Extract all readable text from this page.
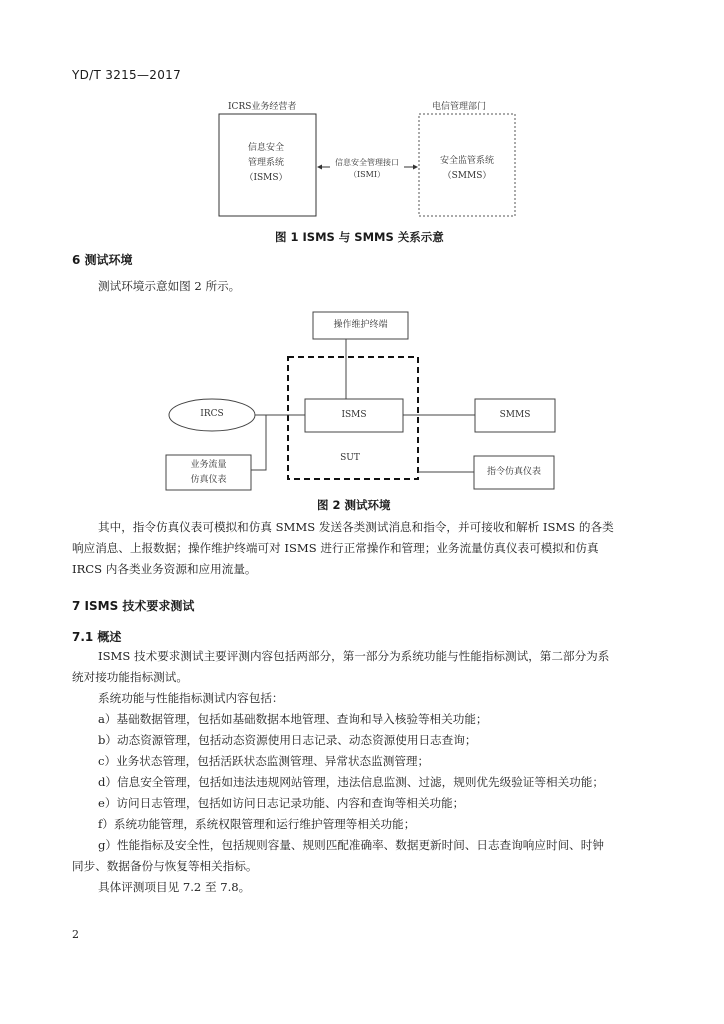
YD/T 3215—2017
ICRS业务经营者	电信管理部门
信息安全
管理系统
（ISMS）
信息安全管理接口
（ISMI）
安全监管系统
（SMMS）
图 1 ISMS 与 SMMS 关系示意
6 测试环境
测试环境示意如图 2 所示。
操作维护终端
IRCS	ISMS	SMMS
SUT
业务流量
仿真仪表
指令仿真仪表
图 2 测试环境
其中，指令仿真仪表可模拟和仿真 SMMS 发送各类测试消息和指令，并可接收和解析 ISMS 的各类
响应消息、上报数据；操作维护终端可对 ISMS 进行正常操作和管理；业务流量仿真仪表可模拟和仿真
IRCS 内各类业务资源和应用流量。
7 ISMS 技术要求测试
7.1 概述
ISMS 技术要求测试主要评测内容包括两部分，第一部分为系统功能与性能指标测试，第二部分为系
统对接功能指标测试。
系统功能与性能指标测试内容包括：
a）基础数据管理，包括如基础数据本地管理、查询和导入核验等相关功能；
b）动态资源管理，包括动态资源使用日志记录、动态资源使用日志查询；
c）业务状态管理，包括活跃状态监测管理、异常状态监测管理；
d）信息安全管理，包括如违法违规网站管理，违法信息监测、过滤，规则优先级验证等相关功能；
e）访问日志管理，包括如访问日志记录功能、内容和查询等相关功能；
f）系统功能管理，系统权限管理和运行维护管理等相关功能；
g）性能指标及安全性，包括规则容量、规则匹配准确率、数据更新时间、日志查询响应时间、时钟
同步、数据备份与恢复等相关指标。
具体评测项目见 7.2 至 7.8。
2
